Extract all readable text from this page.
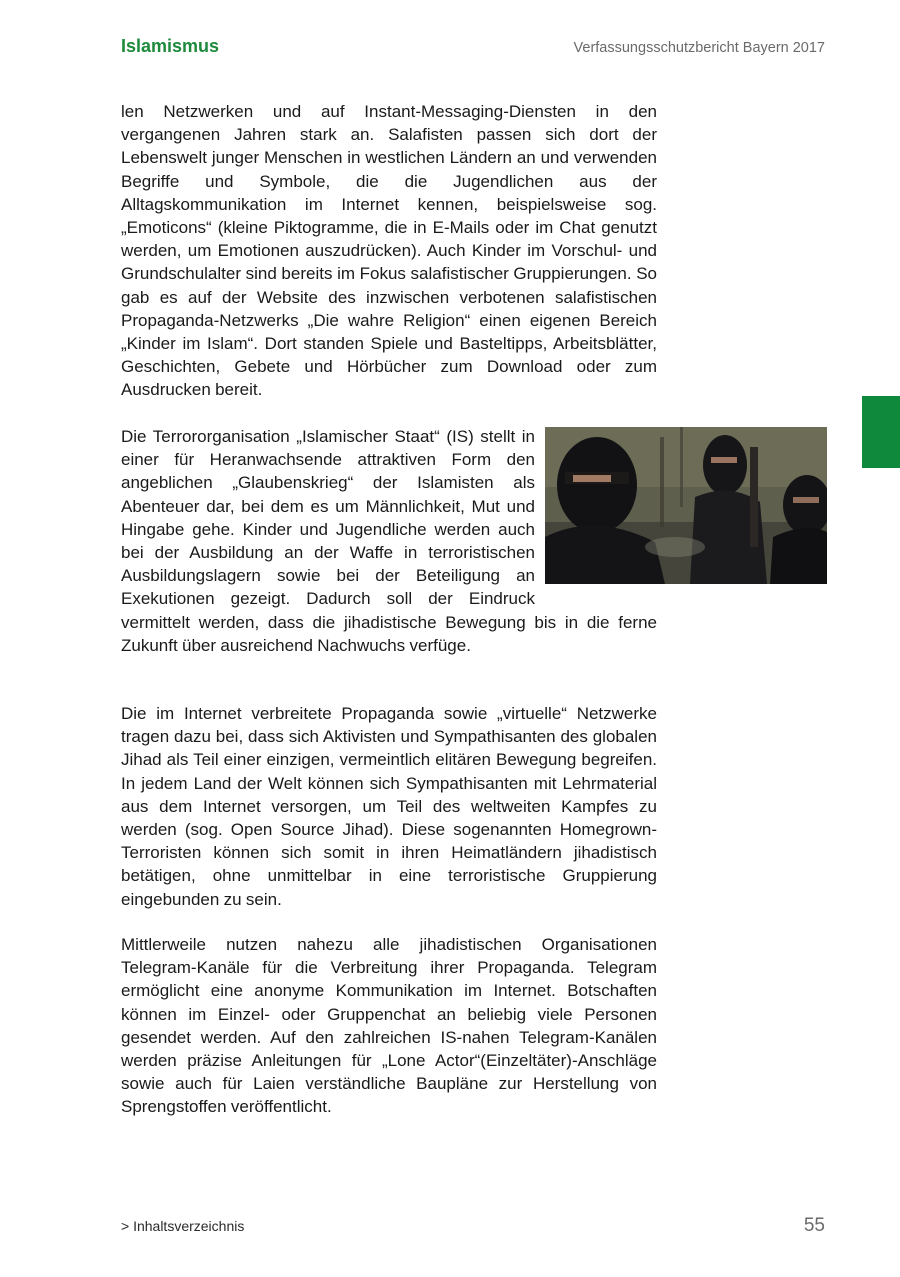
Islamismus	Verfassungsschutzbericht Bayern 2017

len Netzwerken und auf Instant-Messaging-Diensten in den vergangenen Jahren stark an. Salafisten passen sich dort der Lebenswelt junger Menschen in westlichen Ländern an und verwenden Begriffe und Symbole, die die Jugendlichen aus der Alltagskommunikation im Internet kennen, beispielsweise sog. „Emoticons“ (kleine Piktogramme, die in E-Mails oder im Chat genutzt werden, um Emotionen auszudrücken). Auch Kinder im Vorschul- und Grundschulalter sind bereits im Fokus salafistischer Gruppierungen. So gab es auf der Website des inzwischen verbotenen salafistischen Propaganda-Netzwerks „Die wahre Religion“ einen eigenen Bereich „Kinder im Islam“. Dort standen Spiele und Basteltipps, Arbeitsblätter, Geschichten, Gebete und Hörbücher zum Download oder zum Ausdrucken bereit.

Die Terrororganisation „Islamischer Staat“ (IS) stellt in einer für Heranwachsende attraktiven Form den angeblichen „Glaubenskrieg“ der Islamisten als Abenteuer dar, bei dem es um Männlichkeit, Mut und Hingabe gehe. Kinder und Jugendliche werden auch bei der Ausbildung an der Waffe in terroristischen Ausbildungslagern sowie bei der Beteiligung an Exekutionen gezeigt. Dadurch soll der Eindruck vermittelt werden, dass die jihadistische Bewegung bis in die ferne Zukunft über ausreichend Nachwuchs verfüge.

Die im Internet verbreitete Propaganda sowie „virtuelle“ Netzwerke tragen dazu bei, dass sich Aktivisten und Sympathisanten des globalen Jihad als Teil einer einzigen, vermeintlich elitären Bewegung begreifen. In jedem Land der Welt können sich Sympathisanten mit Lehrmaterial aus dem Internet versorgen, um Teil des weltweiten Kampfes zu werden (sog. Open Source Jihad). Diese sogenannten Homegrown-Terroristen können sich somit in ihren Heimatländern jihadistisch betätigen, ohne unmittelbar in eine terroristische Gruppierung eingebunden zu sein.

Mittlerweile nutzen nahezu alle jihadistischen Organisationen Telegram-Kanäle für die Verbreitung ihrer Propaganda. Telegram ermöglicht eine anonyme Kommunikation im Internet. Botschaften können im Einzel- oder Gruppenchat an beliebig viele Personen gesendet werden. Auf den zahlreichen IS-nahen Telegram-Kanälen werden präzise Anleitungen für „Lone Actor“(Einzeltäter)-Anschläge sowie auch für Laien verständliche Baupläne zur Herstellung von Sprengstoffen veröffentlicht.

> Inhaltsverzeichnis	55
